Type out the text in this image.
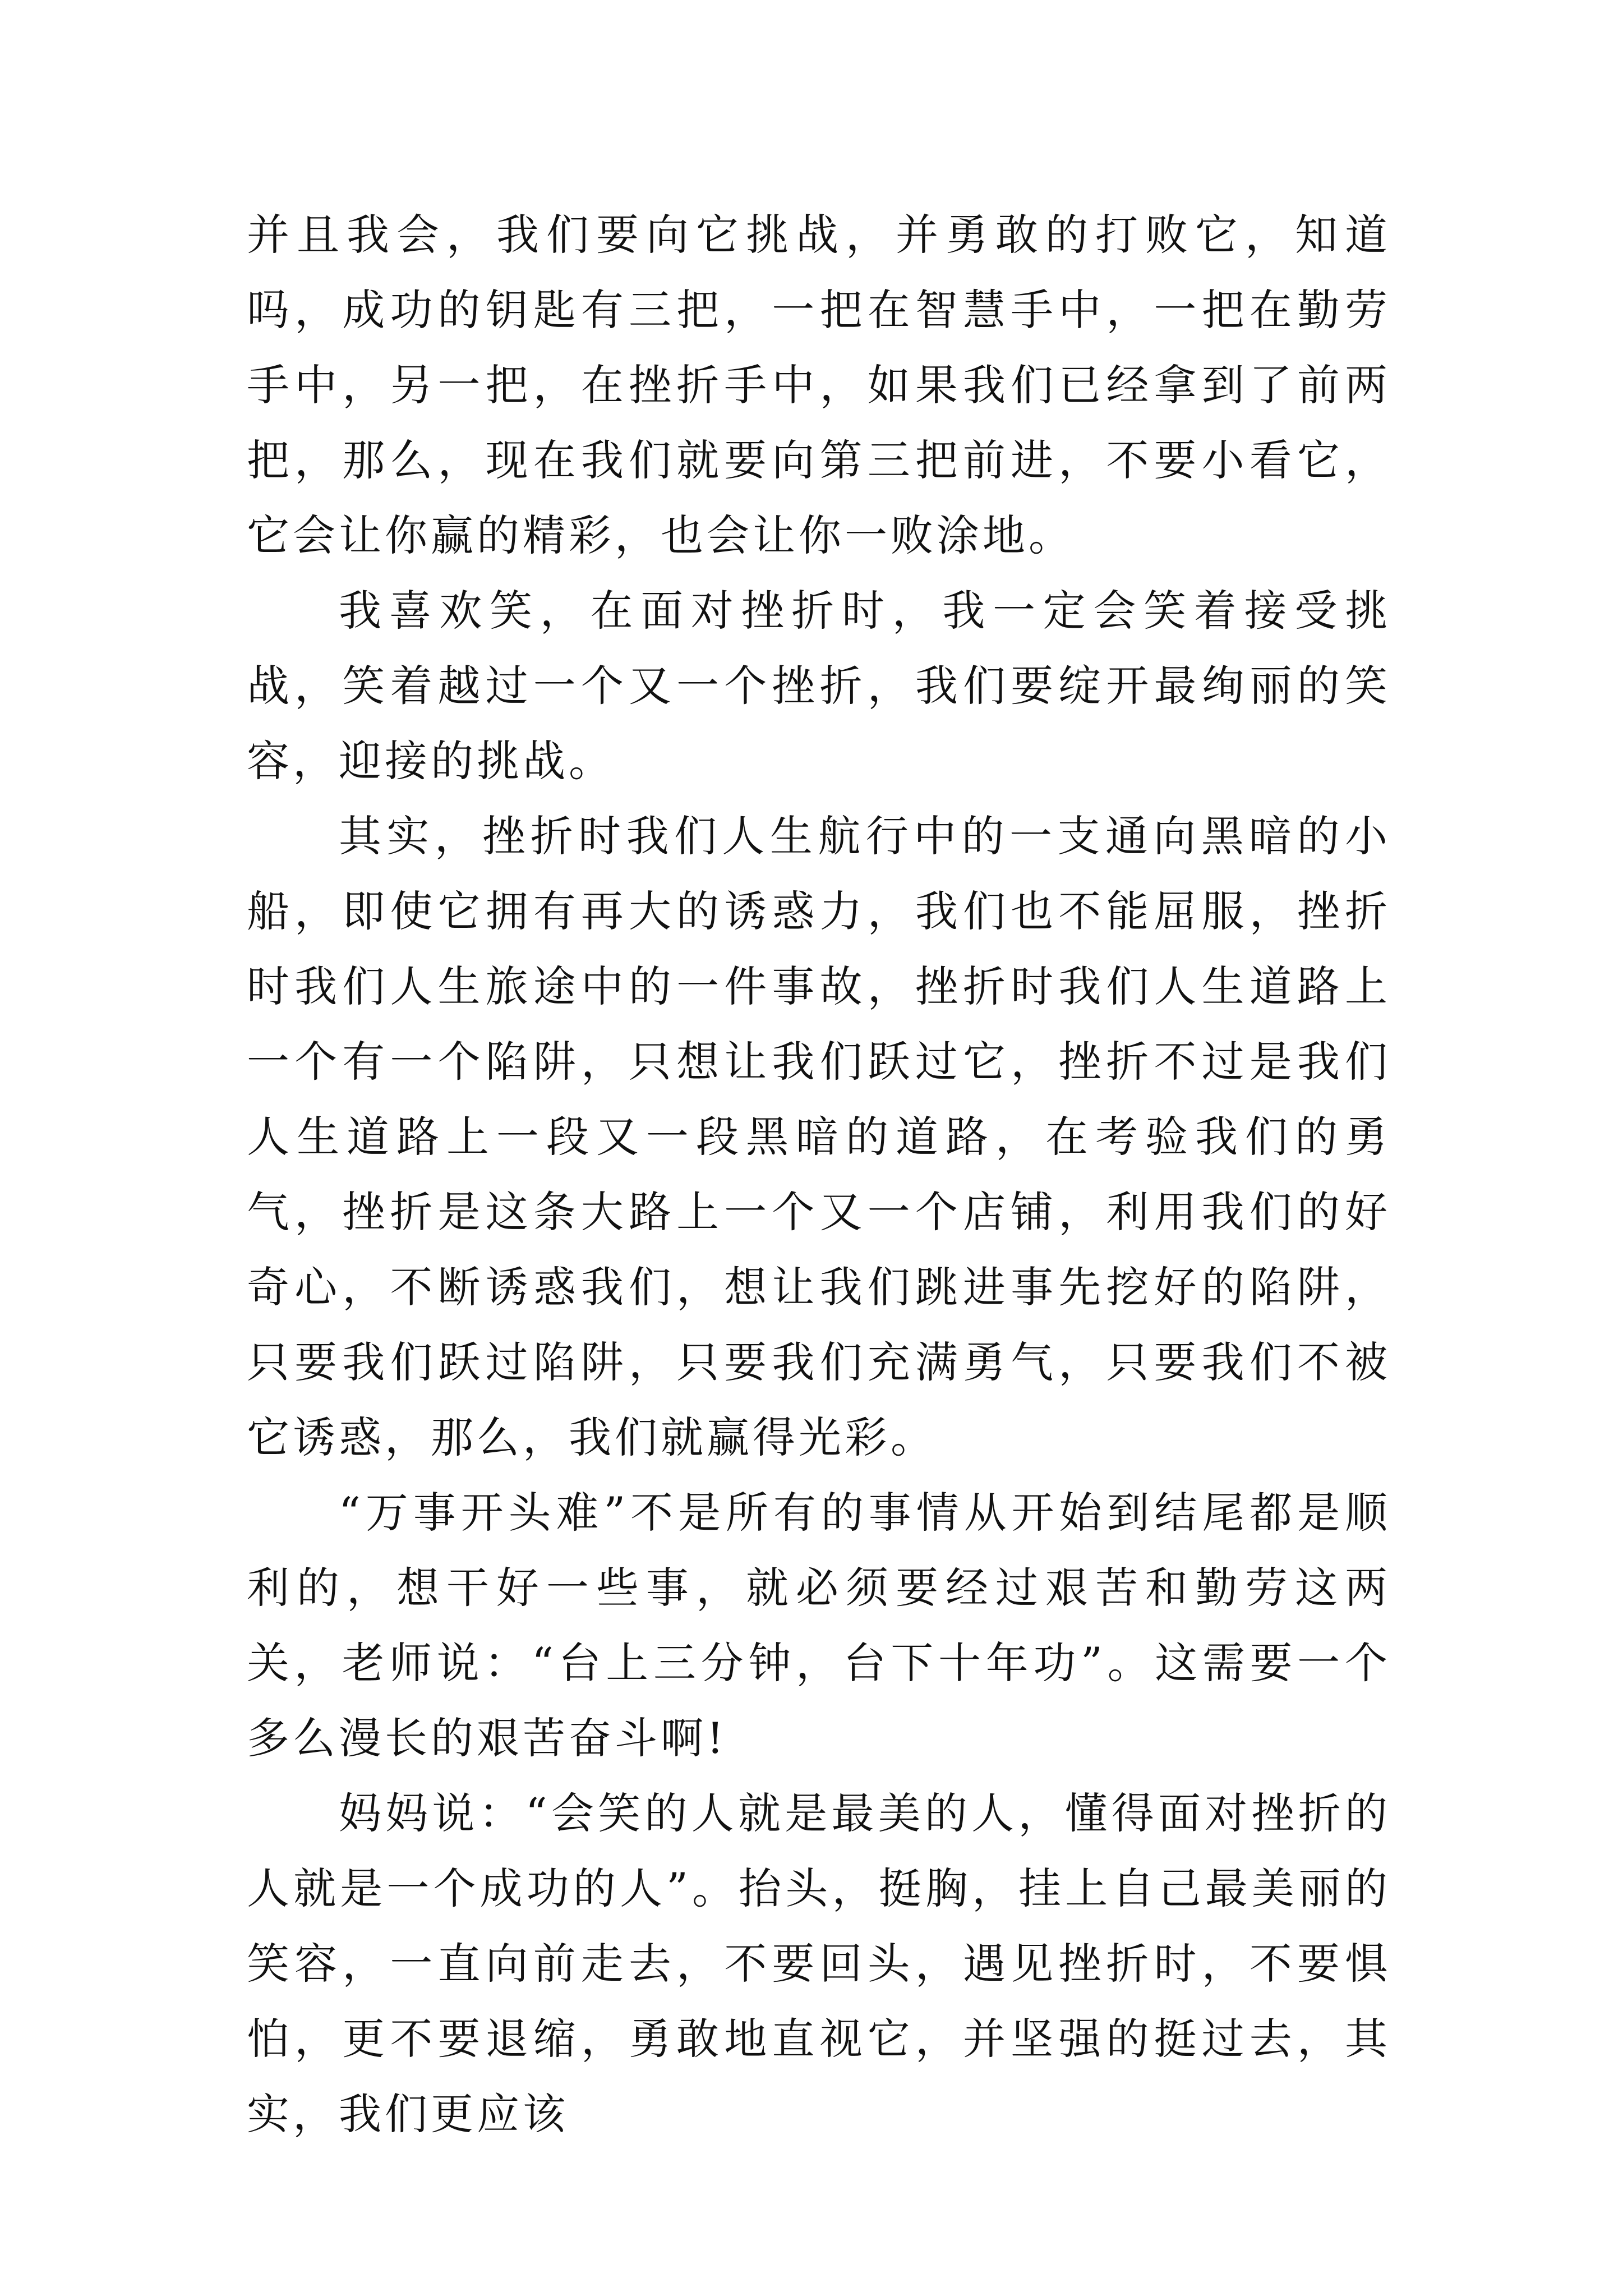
并且我会，我们要向它挑战，并勇敢的打败它，知道吗，成功的钥匙有三把，一把在智慧手中，一把在勤劳手中，另一把，在挫折手中，如果我们已经拿到了前两把，那么，现在我们就要向第三把前进，不要小看它，它会让你赢的精彩，也会让你一败涂地。

我喜欢笑，在面对挫折时，我一定会笑着接受挑战，笑着越过一个又一个挫折，我们要绽开最绚丽的笑容，迎接的挑战。

其实，挫折时我们人生航行中的一支通向黑暗的小船，即使它拥有再大的诱惑力，我们也不能屈服，挫折时我们人生旅途中的一件事故，挫折时我们人生道路上一个有一个陷阱，只想让我们跃过它，挫折不过是我们人生道路上一段又一段黑暗的道路，在考验我们的勇气，挫折是这条大路上一个又一个店铺，利用我们的好奇心，不断诱惑我们，想让我们跳进事先挖好的陷阱，只要我们跃过陷阱，只要我们充满勇气，只要我们不被它诱惑，那么，我们就赢得光彩。

“万事开头难”不是所有的事情从开始到结尾都是顺利的，想干好一些事，就必须要经过艰苦和勤劳这两关，老师说：“台上三分钟，台下十年功”。这需要一个多么漫长的艰苦奋斗啊!

妈妈说：“会笑的人就是最美的人，懂得面对挫折的人就是一个成功的人”。抬头，挺胸，挂上自己最美丽的笑容，一直向前走去，不要回头，遇见挫折时，不要惧怕，更不要退缩，勇敢地直视它，并坚强的挺过去，其实，我们更应该
